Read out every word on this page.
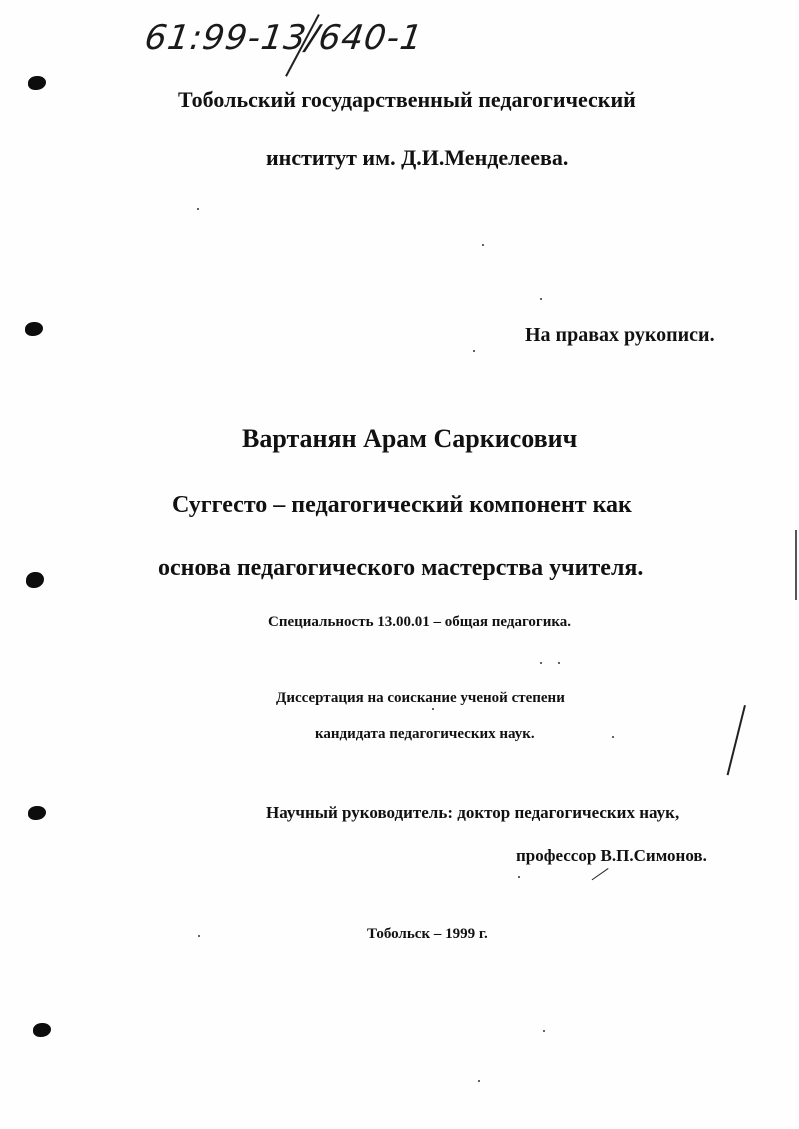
61:99-13/640-1
Тобольский государственный педагогический
институт им. Д.И.Менделеева.
На правах рукописи.
Вартанян Арам Саркисович
Суггесто – педагогический компонент как
основа педагогического мастерства учителя.
Специальность 13.00.01 – общая педагогика.
Диссертация на соискание ученой степени
кандидата педагогических наук.
Научный руководитель: доктор педагогических наук,
профессор В.П.Симонов.
Тобольск – 1999 г.
